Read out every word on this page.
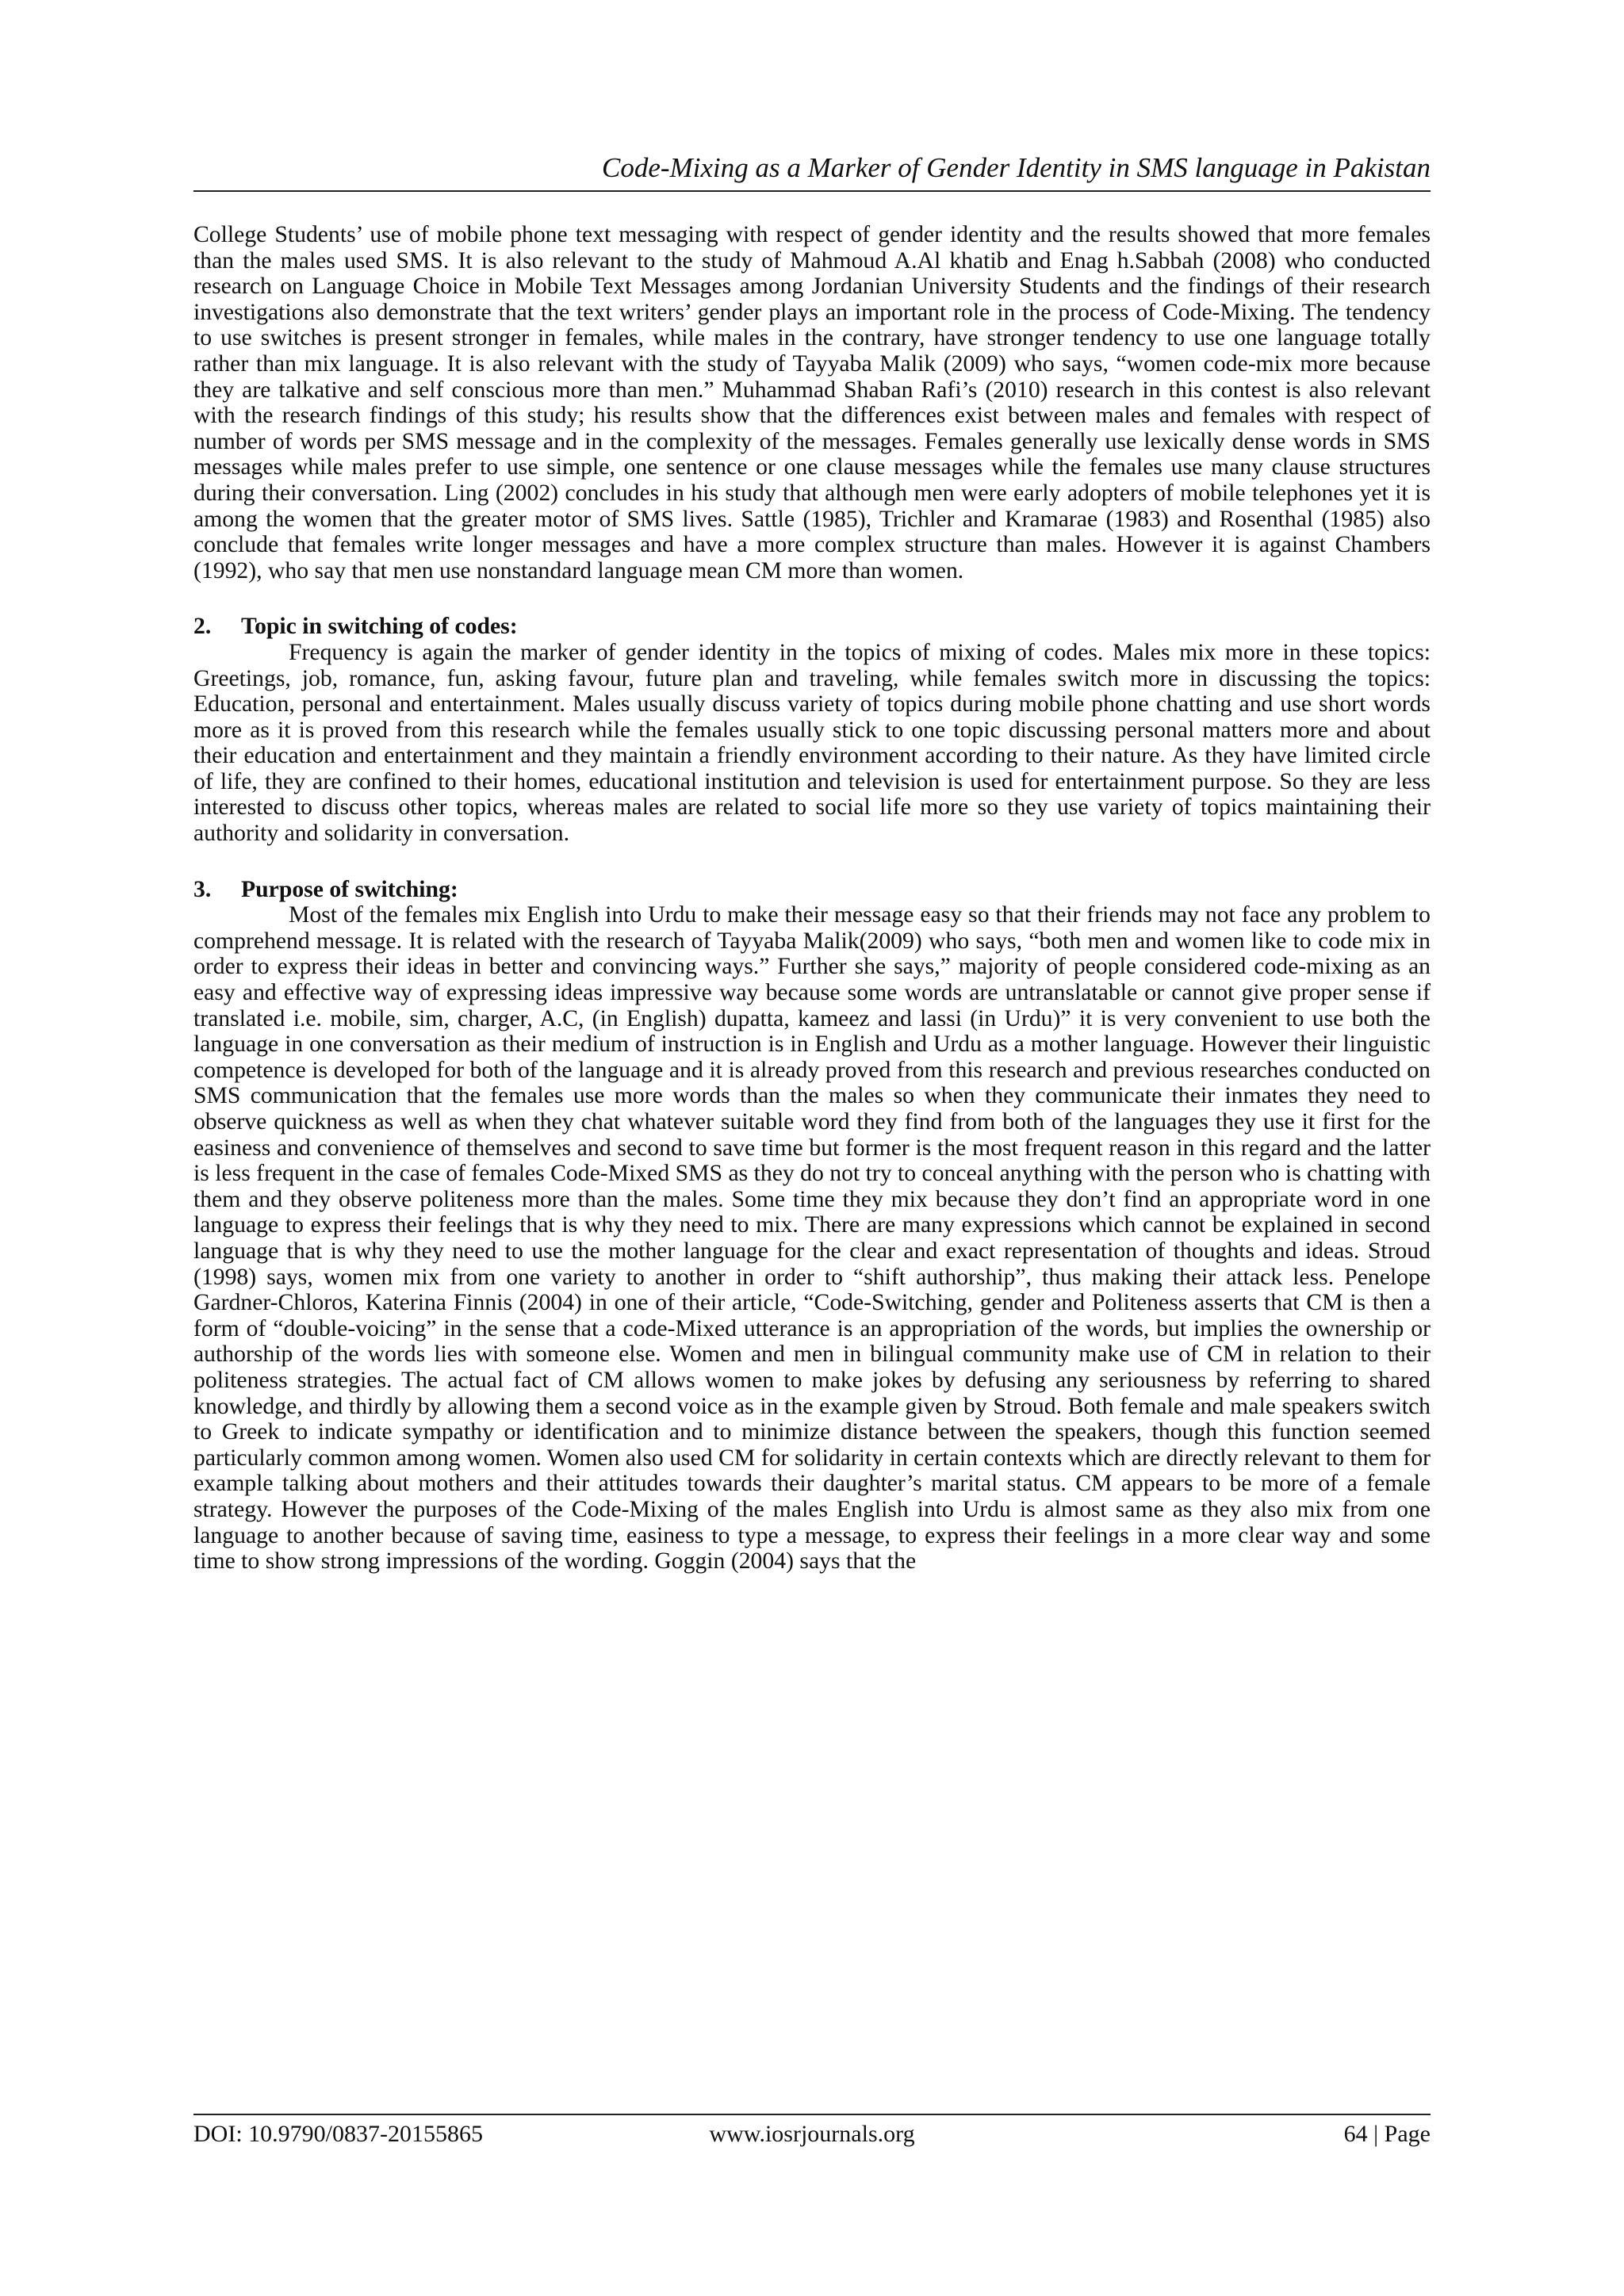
Code-Mixing as a Marker of Gender Identity in SMS language in Pakistan

College Students’ use of mobile phone text messaging with respect of gender identity and the results showed that more females than the males used SMS. It is also relevant to the study of Mahmoud A.Al khatib and Enag h.Sabbah (2008) who conducted research on Language Choice in Mobile Text Messages among Jordanian University Students and the findings of their research investigations also demonstrate that the text writers’ gender plays an important role in the process of Code-Mixing. The tendency to use switches is present stronger in females, while males in the contrary, have stronger tendency to use one language totally rather than mix language. It is also relevant with the study of Tayyaba Malik (2009) who says, “women code-mix more because they are talkative and self conscious more than men.” Muhammad Shaban Rafi’s (2010) research in this contest is also relevant with the research findings of this study; his results show that the differences exist between males and females with respect of number of words per SMS message and in the complexity of the messages. Females generally use lexically dense words in SMS messages while males prefer to use simple, one sentence or one clause messages while the females use many clause structures during their conversation. Ling (2002) concludes in his study that although men were early adopters of mobile telephones yet it is among the women that the greater motor of SMS lives. Sattle (1985), Trichler and Kramarae (1983) and Rosenthal (1985) also conclude that females write longer messages and have a more complex structure than males. However it is against Chambers (1992), who say that men use nonstandard language mean CM more than women.

2. Topic in switching of codes:

Frequency is again the marker of gender identity in the topics of mixing of codes. Males mix more in these topics: Greetings, job, romance, fun, asking favour, future plan and traveling, while females switch more in discussing the topics: Education, personal and entertainment. Males usually discuss variety of topics during mobile phone chatting and use short words more as it is proved from this research while the females usually stick to one topic discussing personal matters more and about their education and entertainment and they maintain a friendly environment according to their nature. As they have limited circle of life, they are confined to their homes, educational institution and television is used for entertainment purpose. So they are less interested to discuss other topics, whereas males are related to social life more so they use variety of topics maintaining their authority and solidarity in conversation.

3. Purpose of switching:

Most of the females mix English into Urdu to make their message easy so that their friends may not face any problem to comprehend message. It is related with the research of Tayyaba Malik(2009) who says, “both men and women like to code mix in order to express their ideas in better and convincing ways.” Further she says,” majority of people considered code-mixing as an easy and effective way of expressing ideas impressive way because some words are untranslatable or cannot give proper sense if translated i.e. mobile, sim, charger, A.C, (in English) dupatta, kameez and lassi (in Urdu)” it is very convenient to use both the language in one conversation as their medium of instruction is in English and Urdu as a mother language. However their linguistic competence is developed for both of the language and it is already proved from this research and previous researches conducted on SMS communication that the females use more words than the males so when they communicate their inmates they need to observe quickness as well as when they chat whatever suitable word they find from both of the languages they use it first for the easiness and convenience of themselves and second to save time but former is the most frequent reason in this regard and the latter is less frequent in the case of females Code-Mixed SMS as they do not try to conceal anything with the person who is chatting with them and they observe politeness more than the males. Some time they mix because they don’t find an appropriate word in one language to express their feelings that is why they need to mix. There are many expressions which cannot be explained in second language that is why they need to use the mother language for the clear and exact representation of thoughts and ideas. Stroud (1998) says, women mix from one variety to another in order to “shift authorship”, thus making their attack less. Penelope Gardner-Chloros, Katerina Finnis (2004) in one of their article, “Code-Switching, gender and Politeness asserts that CM is then a form of “double-voicing” in the sense that a code-Mixed utterance is an appropriation of the words, but implies the ownership or authorship of the words lies with someone else. Women and men in bilingual community make use of CM in relation to their politeness strategies. The actual fact of CM allows women to make jokes by defusing any seriousness by referring to shared knowledge, and thirdly by allowing them a second voice as in the example given by Stroud. Both female and male speakers switch to Greek to indicate sympathy or identification and to minimize distance between the speakers, though this function seemed particularly common among women. Women also used CM for solidarity in certain contexts which are directly relevant to them for example talking about mothers and their attitudes towards their daughter’s marital status. CM appears to be more of a female strategy. However the purposes of the Code-Mixing of the males English into Urdu is almost same as they also mix from one language to another because of saving time, easiness to type a message, to express their feelings in a more clear way and some time to show strong impressions of the wording. Goggin (2004) says that the

DOI: 10.9790/0837-20155865	www.iosrjournals.org	64 | Page
